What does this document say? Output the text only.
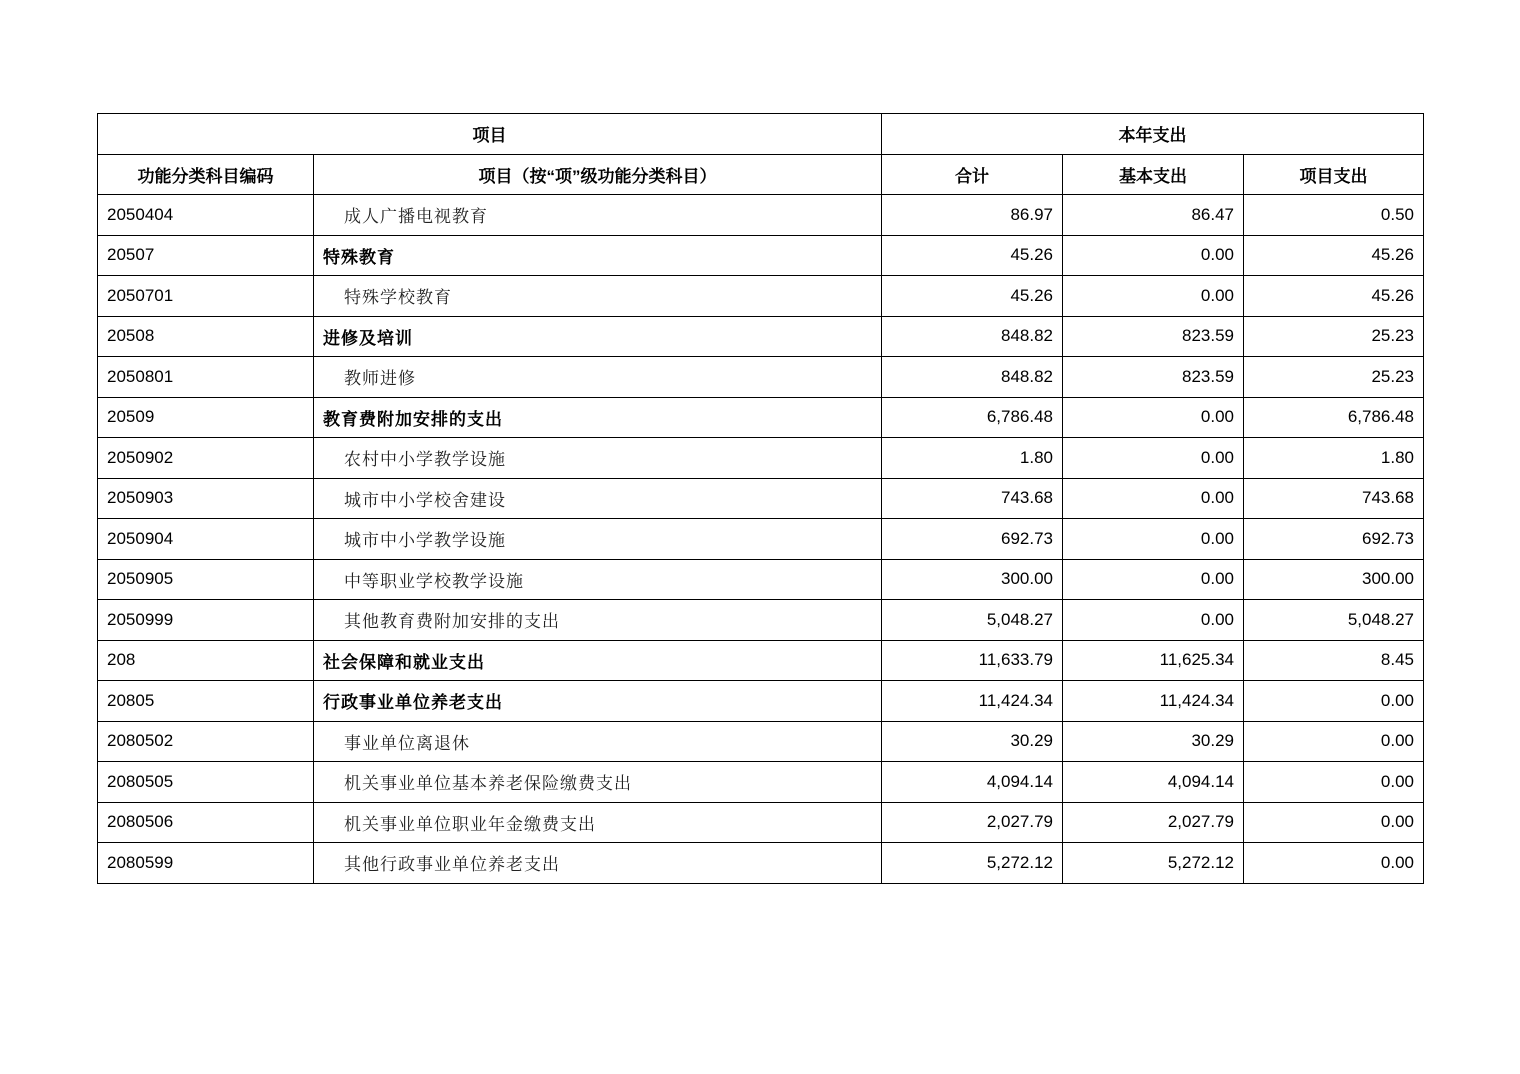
项目		本年支出		
功能分类科目编码	项目（按“项”级功能分类科目）	合计	基本支出	项目支出
2050404	成人广播电视教育	86.97	86.47	0.50
20507	特殊教育	45.26	0.00	45.26
2050701	特殊学校教育	45.26	0.00	45.26
20508	进修及培训	848.82	823.59	25.23
2050801	教师进修	848.82	823.59	25.23
20509	教育费附加安排的支出	6,786.48	0.00	6,786.48
2050902	农村中小学教学设施	1.80	0.00	1.80
2050903	城市中小学校舍建设	743.68	0.00	743.68
2050904	城市中小学教学设施	692.73	0.00	692.73
2050905	中等职业学校教学设施	300.00	0.00	300.00
2050999	其他教育费附加安排的支出	5,048.27	0.00	5,048.27
208	社会保障和就业支出	11,633.79	11,625.34	8.45
20805	行政事业单位养老支出	11,424.34	11,424.34	0.00
2080502	事业单位离退休	30.29	30.29	0.00
2080505	机关事业单位基本养老保险缴费支出	4,094.14	4,094.14	0.00
2080506	机关事业单位职业年金缴费支出	2,027.79	2,027.79	0.00
2080599	其他行政事业单位养老支出	5,272.12	5,272.12	0.00
